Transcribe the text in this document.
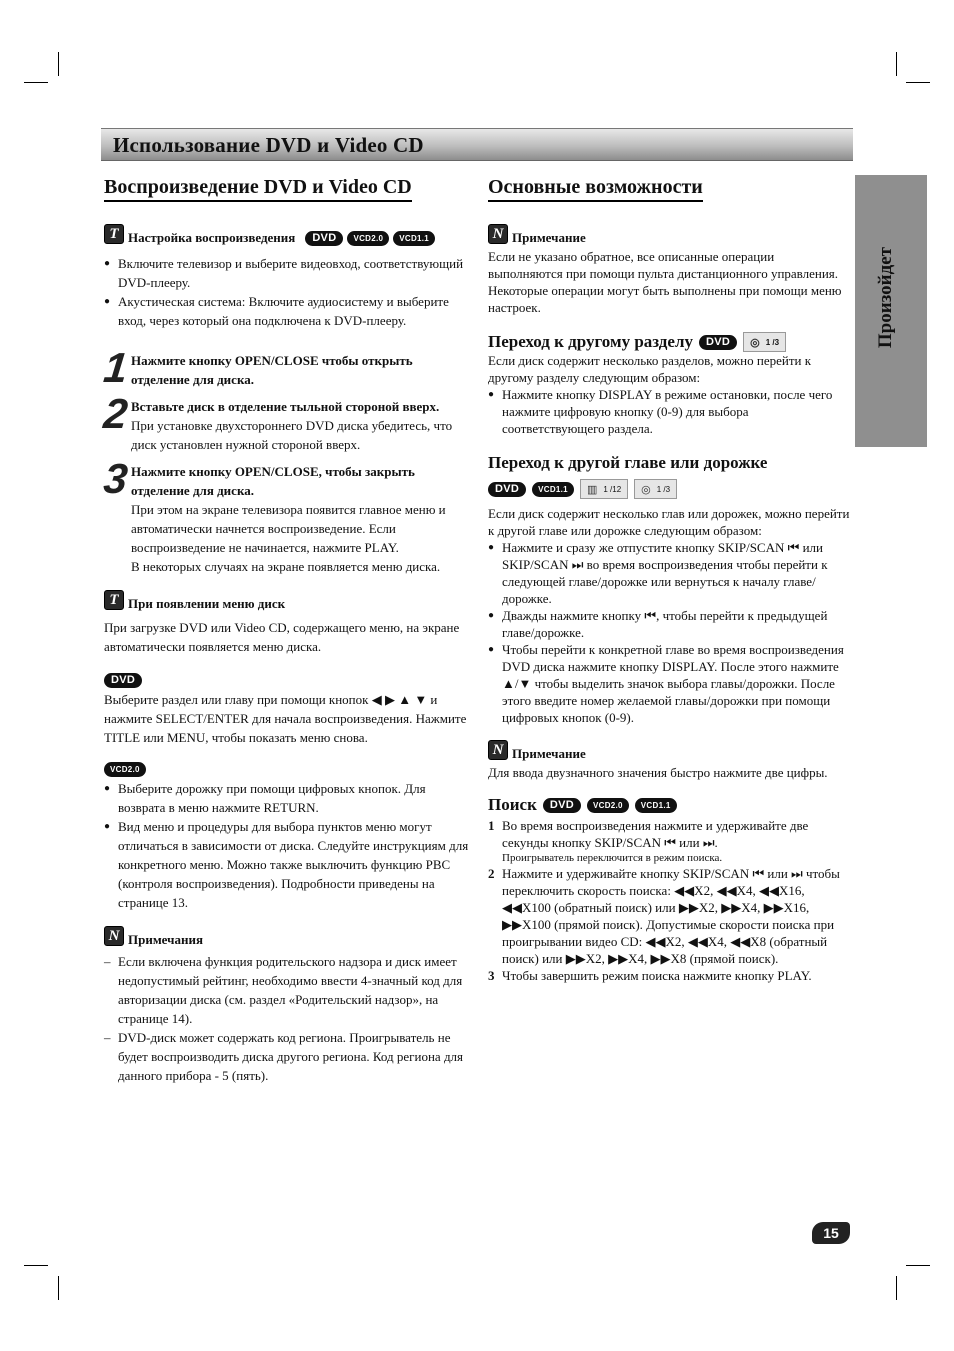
Использование DVD и Video CD
Произойдет
Воспроизведение DVD и Video CD
T Настройка воспроизведения	DVD	VCD2.0	VCD1.1
● Включите телевизор и выберите видеовход, соответствующий DVD-плееру.
● Акустическая система: Включите аудиосистему и выберите вход, через который она подключена к DVD-плееру.
1 Нажмите кнопку OPEN/CLOSE чтобы открыть отделение для диска.
2 Вставьте диск в отделение тыльной стороной вверх.

При установке двухстороннего DVD диска убедитесь, что диск установлен нужной стороной вверх.

3 Нажмите кнопку OPEN/CLOSE, чтобы закрыть отделение для диска.

При этом на экране телевизора появится главное меню и автоматически начнется воспроизведение. Если воспроизведение не начинается, нажмите PLAY.
В некоторых случаях на экране появляется меню диска.

T При появлении меню диск

При загрузке DVD или Video CD, содержащего меню, на экране автоматически появляется меню диска.

DVD

Выберите раздел или главу при помощи кнопок ◀ ▶ ▲ ▼ и нажмите SELECT/ENTER для начала воспроизведения. Нажмите TITLE или MENU, чтобы показать меню снова.

VCD2.0
● Выберите дорожку при помощи цифровых кнопок. Для возврата в меню нажмите RETURN.
● Вид меню и процедуры для выбора пунктов меню могут отличаться в зависимости от диска. Следуйте инструкциям для конкретного меню. Можно также выключить функцию PBC (контроля воспроизведения). Подробности приведены на странице 13.
N Примечания
– Если включена функция родительского надзора и диск имеет недопустимый рейтинг, необходимо ввести 4-значный код для авторизации диска (см. раздел «Родительский надзор», на странице 14).
– DVD-диск может содержать код региона. Проигрыватель не будет воспроизводить диска другого региона. Код региона для данного прибора - 5 (пять).
Основные возможности
N Примечание

Если не указано обратное, все описанные операции выполняются при помощи пульта дистанционного управления. Некоторые операции могут быть выполнены при помощи меню настроек.

Переход к другому разделу	DVD	◎ 1 /3

Если диск содержит несколько разделов, можно перейти к другому разделу следующим образом:

● Нажмите кнопку DISPLAY в режиме остановки, после чего нажмите цифровую кнопку (0-9) для выбора соответствующего раздела.
Переход к другой главе или дорожке
DVD	VCD1.1	▥ 1 /12 ◎ 1 /3

Если диск содержит несколько глав или дорожек, можно перейти к другой главе или дорожке следующим образом:

● Нажмите и сразу же отпустите кнопку SKIP/SCAN ⏮ или SKIP/SCAN ⏭ во время воспроизведения чтобы перейти к следующей главе/дорожке или вернуться к началу главе/дорожке.
● Дважды нажмите кнопку ⏮, чтобы перейти к предыдущей главе/дорожке.
● Чтобы перейти к конкретной главе во время воспроизведения DVD диска нажмите кнопку DISPLAY. После этого нажмите ▲/▼ чтобы выделить значок выбора главы/дорожки. После этого введите номер желаемой главы/дорожки при помощи цифровых кнопок (0-9).
N Примечание

Для ввода двузначного значения быстро нажмите две цифры.

Поиск	DVD	VCD2.0	VCD1.1
1 Во время воспроизведения нажмите и удерживайте две секунды кнопку SKIP/SCAN ⏮ или ⏭.
Проигрыватель переключится в режим поиска.
2 Нажмите и удерживайте кнопку SKIP/SCAN ⏮ или ⏭ чтобы переключить скорость поиска: ◀◀X2, ◀◀X4, ◀◀X16, ◀◀X100 (обратный поиск) или ▶▶X2, ▶▶X4, ▶▶X16, ▶▶X100 (прямой поиск). Допустимые скорости поиска при проигрывании видео CD: ◀◀X2, ◀◀X4, ◀◀X8 (обратный поиск) или ▶▶X2, ▶▶X4, ▶▶X8 (прямой поиск).
3 Чтобы завершить режим поиска нажмите кнопку PLAY.
15
